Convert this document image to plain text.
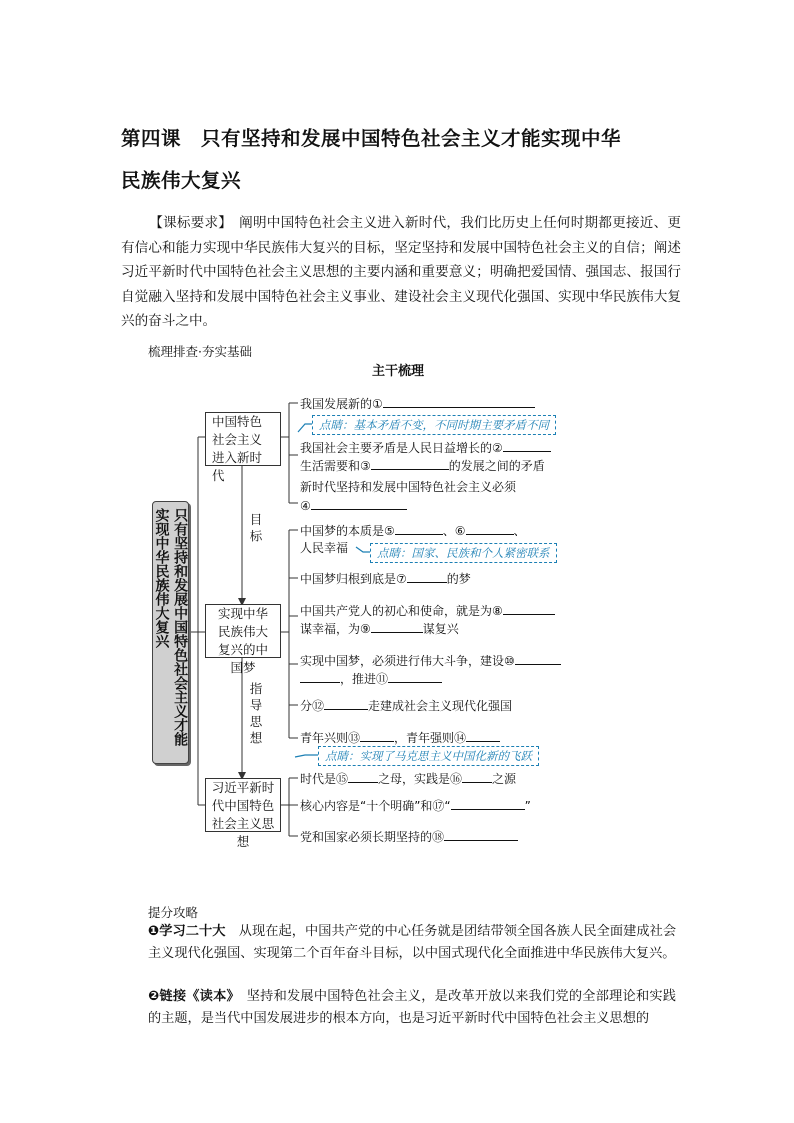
第四课　只有坚持和发展中国特色社会主义才能实现中华
民族伟大复兴
【课标要求】　 阐明中国特色社会主义进入新时代，我们比历史上任何时期都更接近、更有信心和能力实现中华民族伟大复兴的目标，坚定坚持和发展中国特色社会主义的自信；阐述习近平新时代中国特色社会主义思想的主要内涵和重要意义；明确把爱国情、强国志、报国行自觉融入坚持和发展中国特色社会主义事业、建设社会主义现代化强国、实现中华民族伟大复兴的奋斗之中。
梳理排查·夯实基础
主干梳理
只有坚持和发展中国特色社会主义才能实现中华民族伟大复兴
中国特色社会主义进入新时代
实现中华民族伟大复兴的中国梦
习近平新时代中国特色社会主义思想
目标
指导思想
我国发展新的①
点睛：基本矛盾不变，不同时期主要矛盾不同
我国社会主要矛盾是人民日益增长的②
生活需要和③	的发展之间的矛盾
新时代坚持和发展中国特色社会主义必须
④
中国梦的本质是⑤	、⑥	、
人民幸福	点睛：国家、民族和个人紧密联系
中国梦归根到底是⑦	的梦
中国共产党人的初心和使命，就是为⑧
谋幸福，为⑨	谋复兴
实现中国梦，必须进行伟大斗争，建设⑩
，推进⑪
分⑫	走建成社会主义现代化强国
青年兴则⑬	，青年强则⑭
点睛：实现了马克思主义中国化新的飞跃
时代是⑮	之母，实践是⑯	之源
核心内容是“十个明确”和⑰“	”
党和国家必须长期坚持的⑱
提分攻略
❶学习二十大　 从现在起，中国共产党的中心任务就是团结带领全国各族人民全面建成社会主义现代化强国、实现第二个百年奋斗目标，以中国式现代化全面推进中华民族伟大复兴。
❷链接《读本》　 坚持和发展中国特色社会主义，是改革开放以来我们党的全部理论和实践的主题，是当代中国发展进步的根本方向，也是习近平新时代中国特色社会主义思想的
